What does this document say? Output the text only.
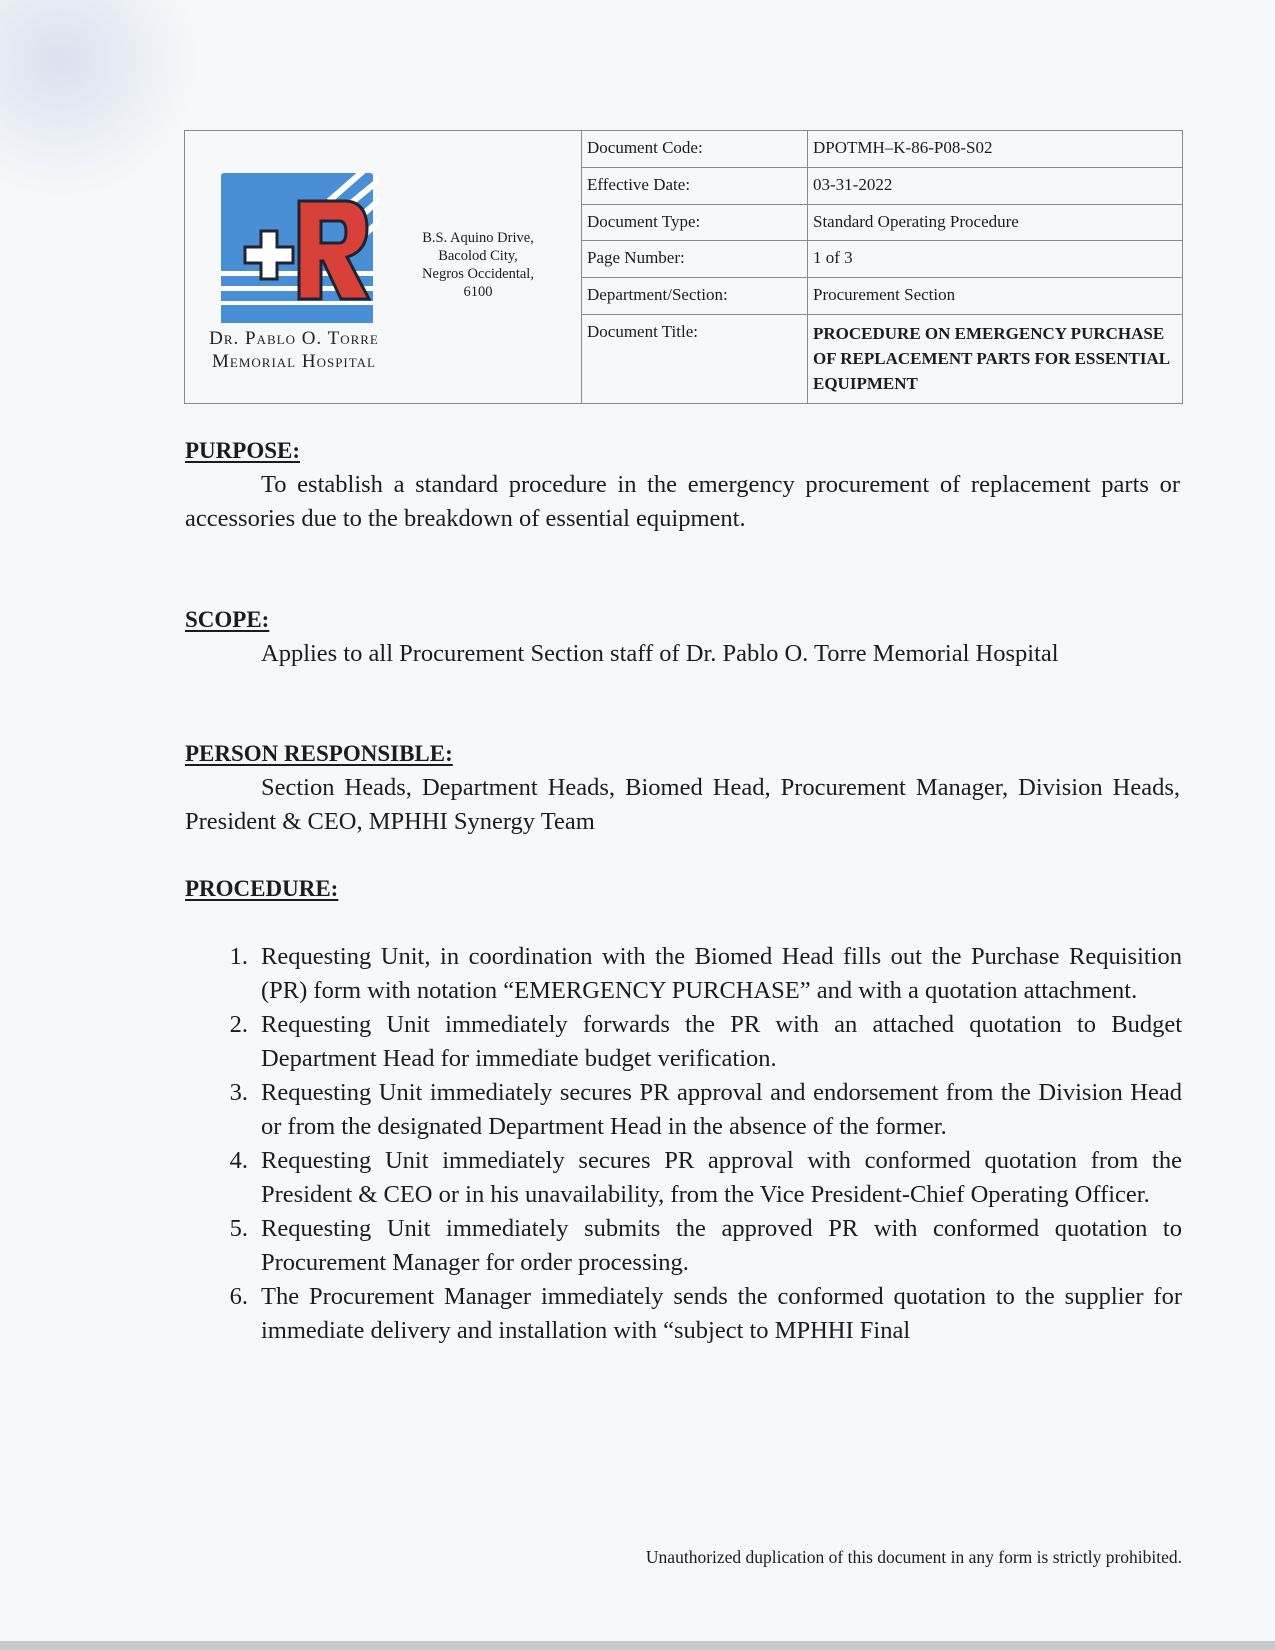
Dr. Pablo O. Torre
Memorial Hospital
B.S. Aquino Drive,
Bacolod City,
Negros Occidental,
6100
Document Code:	DPOTMH–K-86-P08-S02
Effective Date:	03-31-2022
Document Type:	Standard Operating Procedure
Page Number:	1 of 3
Department/Section:	Procurement Section
Document Title:	PROCEDURE ON EMERGENCY PURCHASE OF REPLACEMENT PARTS FOR ESSENTIAL EQUIPMENT
PURPOSE:

To establish a standard procedure in the emergency procurement of replacement parts or accessories due to the breakdown of essential equipment.

SCOPE:

Applies to all Procurement Section staff of Dr. Pablo O. Torre Memorial Hospital

PERSON RESPONSIBLE:

Section Heads, Department Heads, Biomed Head, Procurement Manager, Division Heads, President & CEO, MPHHI Synergy Team

PROCEDURE:
1. Requesting Unit, in coordination with the Biomed Head fills out the Purchase Requisition (PR) form with notation “EMERGENCY PURCHASE” and with a quotation attachment.
2. Requesting Unit immediately forwards the PR with an attached quotation to Budget Department Head for immediate budget verification.
3. Requesting Unit immediately secures PR approval and endorsement from the Division Head or from the designated Department Head in the absence of the former.
4. Requesting Unit immediately secures PR approval with conformed quotation from the President & CEO or in his unavailability, from the Vice President-Chief Operating Officer.
5. Requesting Unit immediately submits the approved PR with conformed quotation to Procurement Manager for order processing.
6. The Procurement Manager immediately sends the conformed quotation to the supplier for immediate delivery and installation with “subject to MPHHI Final
Unauthorized duplication of this document in any form is strictly prohibited.
